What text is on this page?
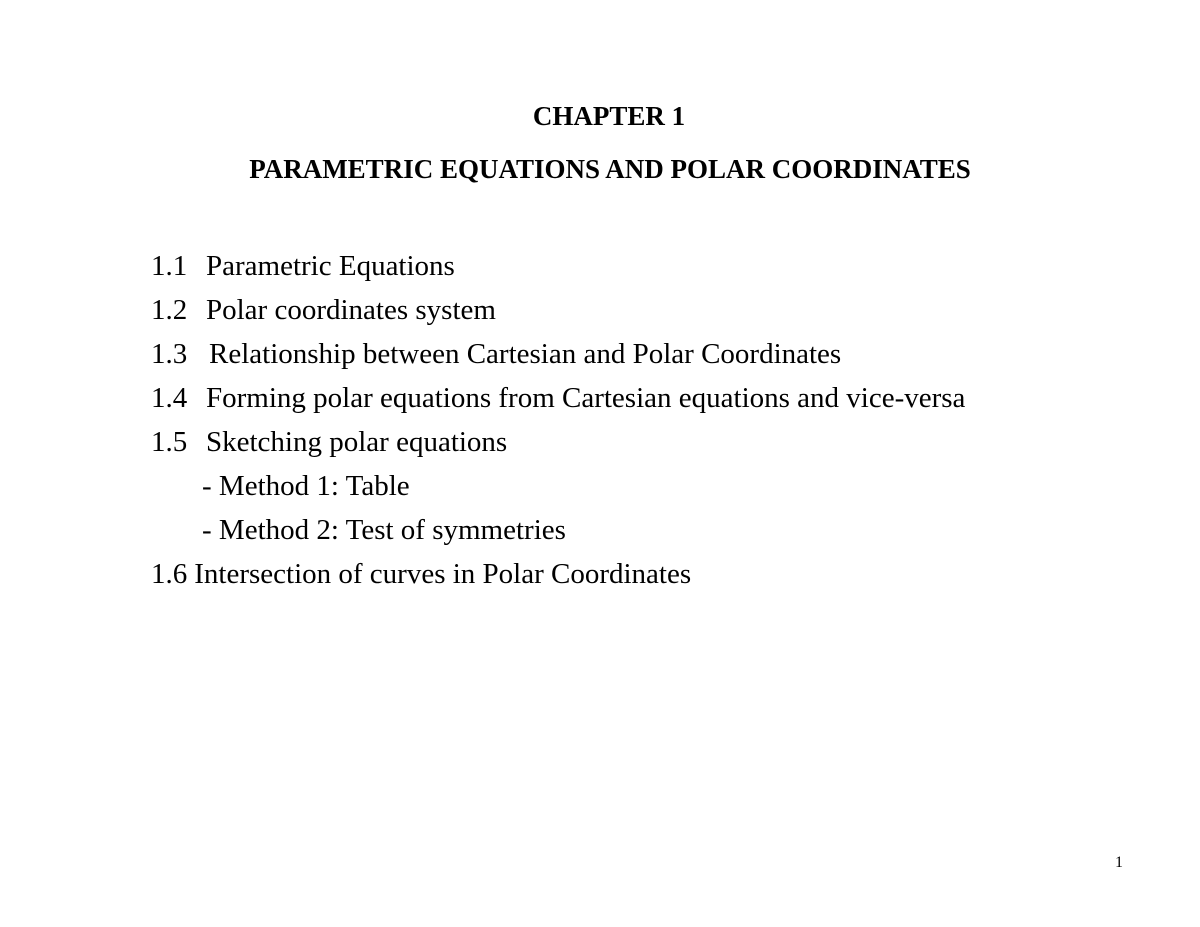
CHAPTER 1
PARAMETRIC EQUATIONS AND POLAR COORDINATES
1.1 Parametric Equations
1.2 Polar coordinates system
1.3 Relationship between Cartesian and Polar Coordinates
1.4 Forming polar equations from Cartesian equations and vice-versa
1.5 Sketching polar equations
- Method 1: Table
- Method 2: Test of symmetries
1.6 Intersection of curves in Polar Coordinates
1
